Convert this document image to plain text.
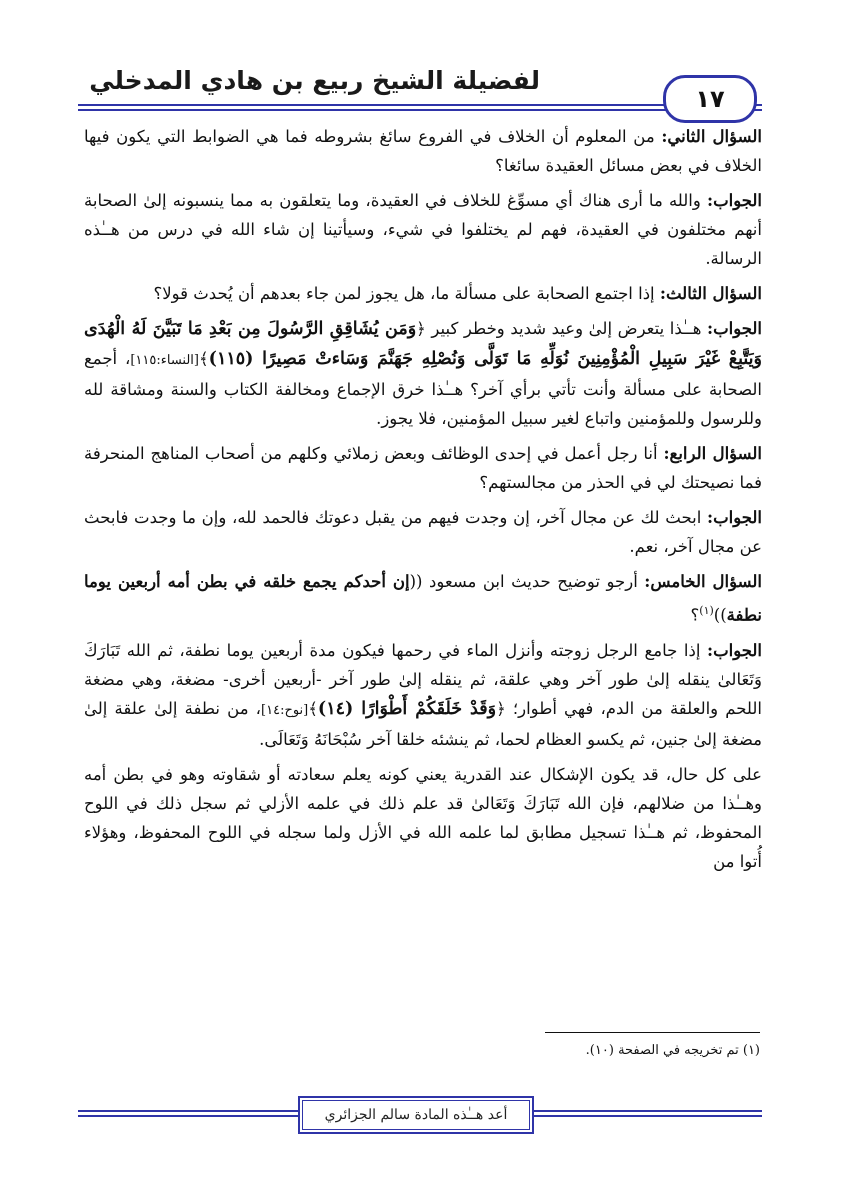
لفضيلة الشيخ ربيع بن هادي المدخلي
١٧

السؤال الثاني: من المعلوم أن الخلاف في الفروع سائغ بشروطه فما هي الضوابط التي يكون فيها الخلاف في بعض مسائل العقيدة سائغا؟

الجواب: والله ما أرى هناك أي مسوِّغ للخلاف في العقيدة، وما يتعلقون به مما ينسبونه إلىٰ الصحابة أنهم مختلفون في العقيدة، فهم لم يختلفوا في شيء، وسيأتينا إن شاء الله في درس من هــٰذه الرسالة.

السؤال الثالث: إذا اجتمع الصحابة على مسألة ما، هل يجوز لمن جاء بعدهم أن يُحدث قولا؟

الجواب: هــٰذا يتعرض إلىٰ وعيد شديد وخطر كبير ﴿وَمَن يُشَاقِقِ الرَّسُولَ مِن بَعْدِ مَا تَبَيَّنَ لَهُ الْهُدَى وَيَتَّبِعْ غَيْرَ سَبِيلِ الْمُؤْمِنِينَ نُوَلِّهِ مَا تَوَلَّى وَنُصْلِهِ جَهَنَّمَ وَسَاءتْ مَصِيرًا (١١٥)﴾[النساء:١١٥]، أجمع الصحابة على مسألة وأنت تأتي برأي آخر؟ هــٰذا خرق الإجماع ومخالفة الكتاب والسنة ومشاقة لله وللرسول وللمؤمنين واتباع لغير سبيل المؤمنين، فلا يجوز.

السؤال الرابع: أنا رجل أعمل في إحدى الوظائف وبعض زملائي وكلهم من أصحاب المناهج المنحرفة فما نصيحتك لي في الحذر من مجالستهم؟

الجواب: ابحث لك عن مجال آخر، إن وجدت فيهم من يقبل دعوتك فالحمد لله، وإن ما وجدت فابحث عن مجال آخر، نعم.

السؤال الخامس: أرجو توضيح حديث ابن مسعود ((إن أحدكم يجمع خلقه في بطن أمه أربعين يوما نطفة))$^{(١)}$؟

الجواب: إذا جامع الرجل زوجته وأنزل الماء في رحمها فيكون مدة أربعين يوما نطفة، ثم الله تَبَارَكَ وَتَعَالىٰ ينقله إلىٰ طور آخر وهي علقة، ثم ينقله إلىٰ طور آخر -أربعين أخرى- مضغة، وهي مضغة اللحم والعلقة من الدم، فهي أطوار؛ ﴿وَقَدْ خَلَقَكُمْ أَطْوَارًا (١٤)﴾[نوح:١٤]، من نطفة إلىٰ علقة إلىٰ مضغة إلىٰ جنين، ثم يكسو العظام لحما، ثم ينشئه خلقا آخر سُبْحَانَهُ وَتَعَالَى.

على كل حال، قد يكون الإشكال عند القدرية يعني كونه يعلم سعادته أو شقاوته وهو في بطن أمه وهــٰذا من ضلالهم، فإن الله تَبَارَكَ وَتَعَالىٰ قد علم ذلك في علمه الأزلي ثم سجل ذلك في اللوح المحفوظ، ثم هــٰذا تسجيل مطابق لما علمه الله في الأزل ولما سجله في اللوح المحفوظ، وهؤلاء أُتوا من

(١) تم تخريجه في الصفحة (١٠).
أعد هــٰذه المادة سالم الجزائري
